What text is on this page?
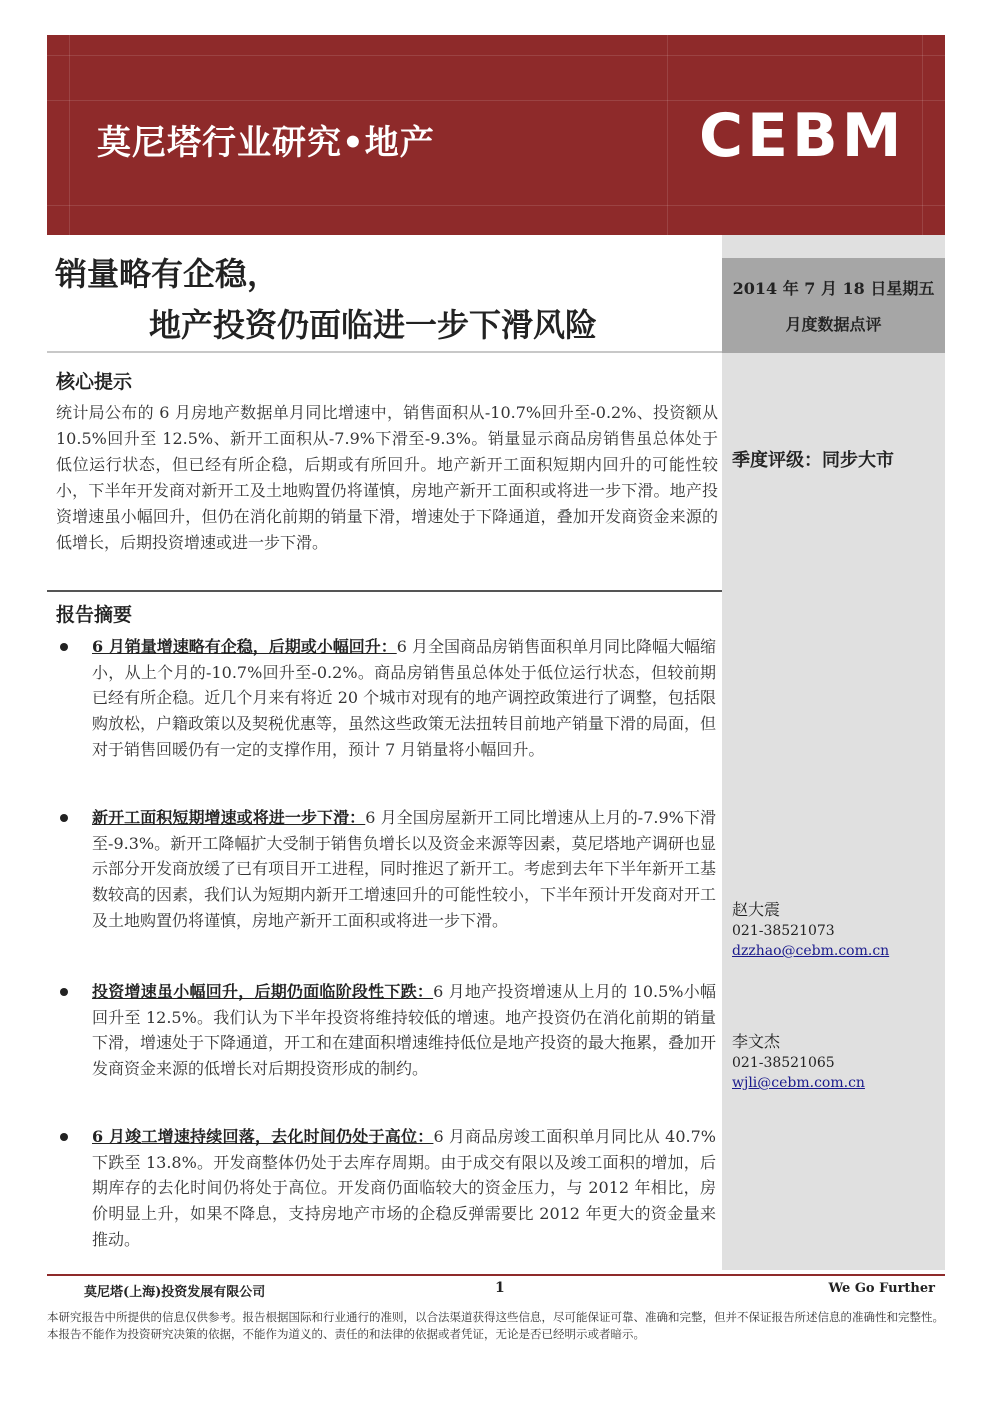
莫尼塔行业研究•地产	CEBM
销量略有企稳，
地产投资仍面临进一步下滑风险
2014 年 7 月 18 日星期五
月度数据点评
核心提示
统计局公布的 6 月房地产数据单月同比增速中，销售面积从-10.7%回升至-0.2%、投资额从 10.5%回升至 12.5%、新开工面积从-7.9%下滑至-9.3%。销量显示商品房销售虽总体处于低位运行状态，但已经有所企稳，后期或有所回升。地产新开工面积短期内回升的可能性较小，下半年开发商对新开工及土地购置仍将谨慎，房地产新开工面积或将进一步下滑。地产投资增速虽小幅回升，但仍在消化前期的销量下滑，增速处于下降通道，叠加开发商资金来源的低增长，后期投资增速或进一步下滑。
季度评级：同步大市
报告摘要
6 月销量增速略有企稳，后期或小幅回升：6 月全国商品房销售面积单月同比降幅大幅缩小，从上个月的-10.7%回升至-0.2%。商品房销售虽总体处于低位运行状态，但较前期已经有所企稳。近几个月来有将近 20 个城市对现有的地产调控政策进行了调整，包括限购放松，户籍政策以及契税优惠等，虽然这些政策无法扭转目前地产销量下滑的局面，但对于销售回暖仍有一定的支撑作用，预计 7 月销量将小幅回升。
新开工面积短期增速或将进一步下滑：6 月全国房屋新开工同比增速从上月的-7.9%下滑至-9.3%。新开工降幅扩大受制于销售负增长以及资金来源等因素，莫尼塔地产调研也显示部分开发商放缓了已有项目开工进程，同时推迟了新开工。考虑到去年下半年新开工基数较高的因素，我们认为短期内新开工增速回升的可能性较小，下半年预计开发商对开工及土地购置仍将谨慎，房地产新开工面积或将进一步下滑。
投资增速虽小幅回升，后期仍面临阶段性下跌：6 月地产投资增速从上月的 10.5%小幅回升至 12.5%。我们认为下半年投资将维持较低的增速。地产投资仍在消化前期的销量下滑，增速处于下降通道，开工和在建面积增速维持低位是地产投资的最大拖累，叠加开发商资金来源的低增长对后期投资形成的制约。
6 月竣工增速持续回落，去化时间仍处于高位：6 月商品房竣工面积单月同比从 40.7%下跌至 13.8%。开发商整体仍处于去库存周期。由于成交有限以及竣工面积的增加，后期库存的去化时间仍将处于高位。开发商仍面临较大的资金压力，与 2012 年相比，房价明显上升，如果不降息，支持房地产市场的企稳反弹需要比 2012 年更大的资金量来推动。
赵大震
021-38521073
dzzhao@cebm.com.cn
李文杰
021-38521065
wjli@cebm.com.cn
莫尼塔(上海)投资发展有限公司	1	We Go Further
本研究报告中所提供的信息仅供参考。报告根据国际和行业通行的准则，以合法渠道获得这些信息，尽可能保证可靠、准确和完整，但并不保证报告所述信息的准确性和完整性。本报告不能作为投资研究决策的依据，不能作为道义的、责任的和法律的依据或者凭证，无论是否已经明示或者暗示。
